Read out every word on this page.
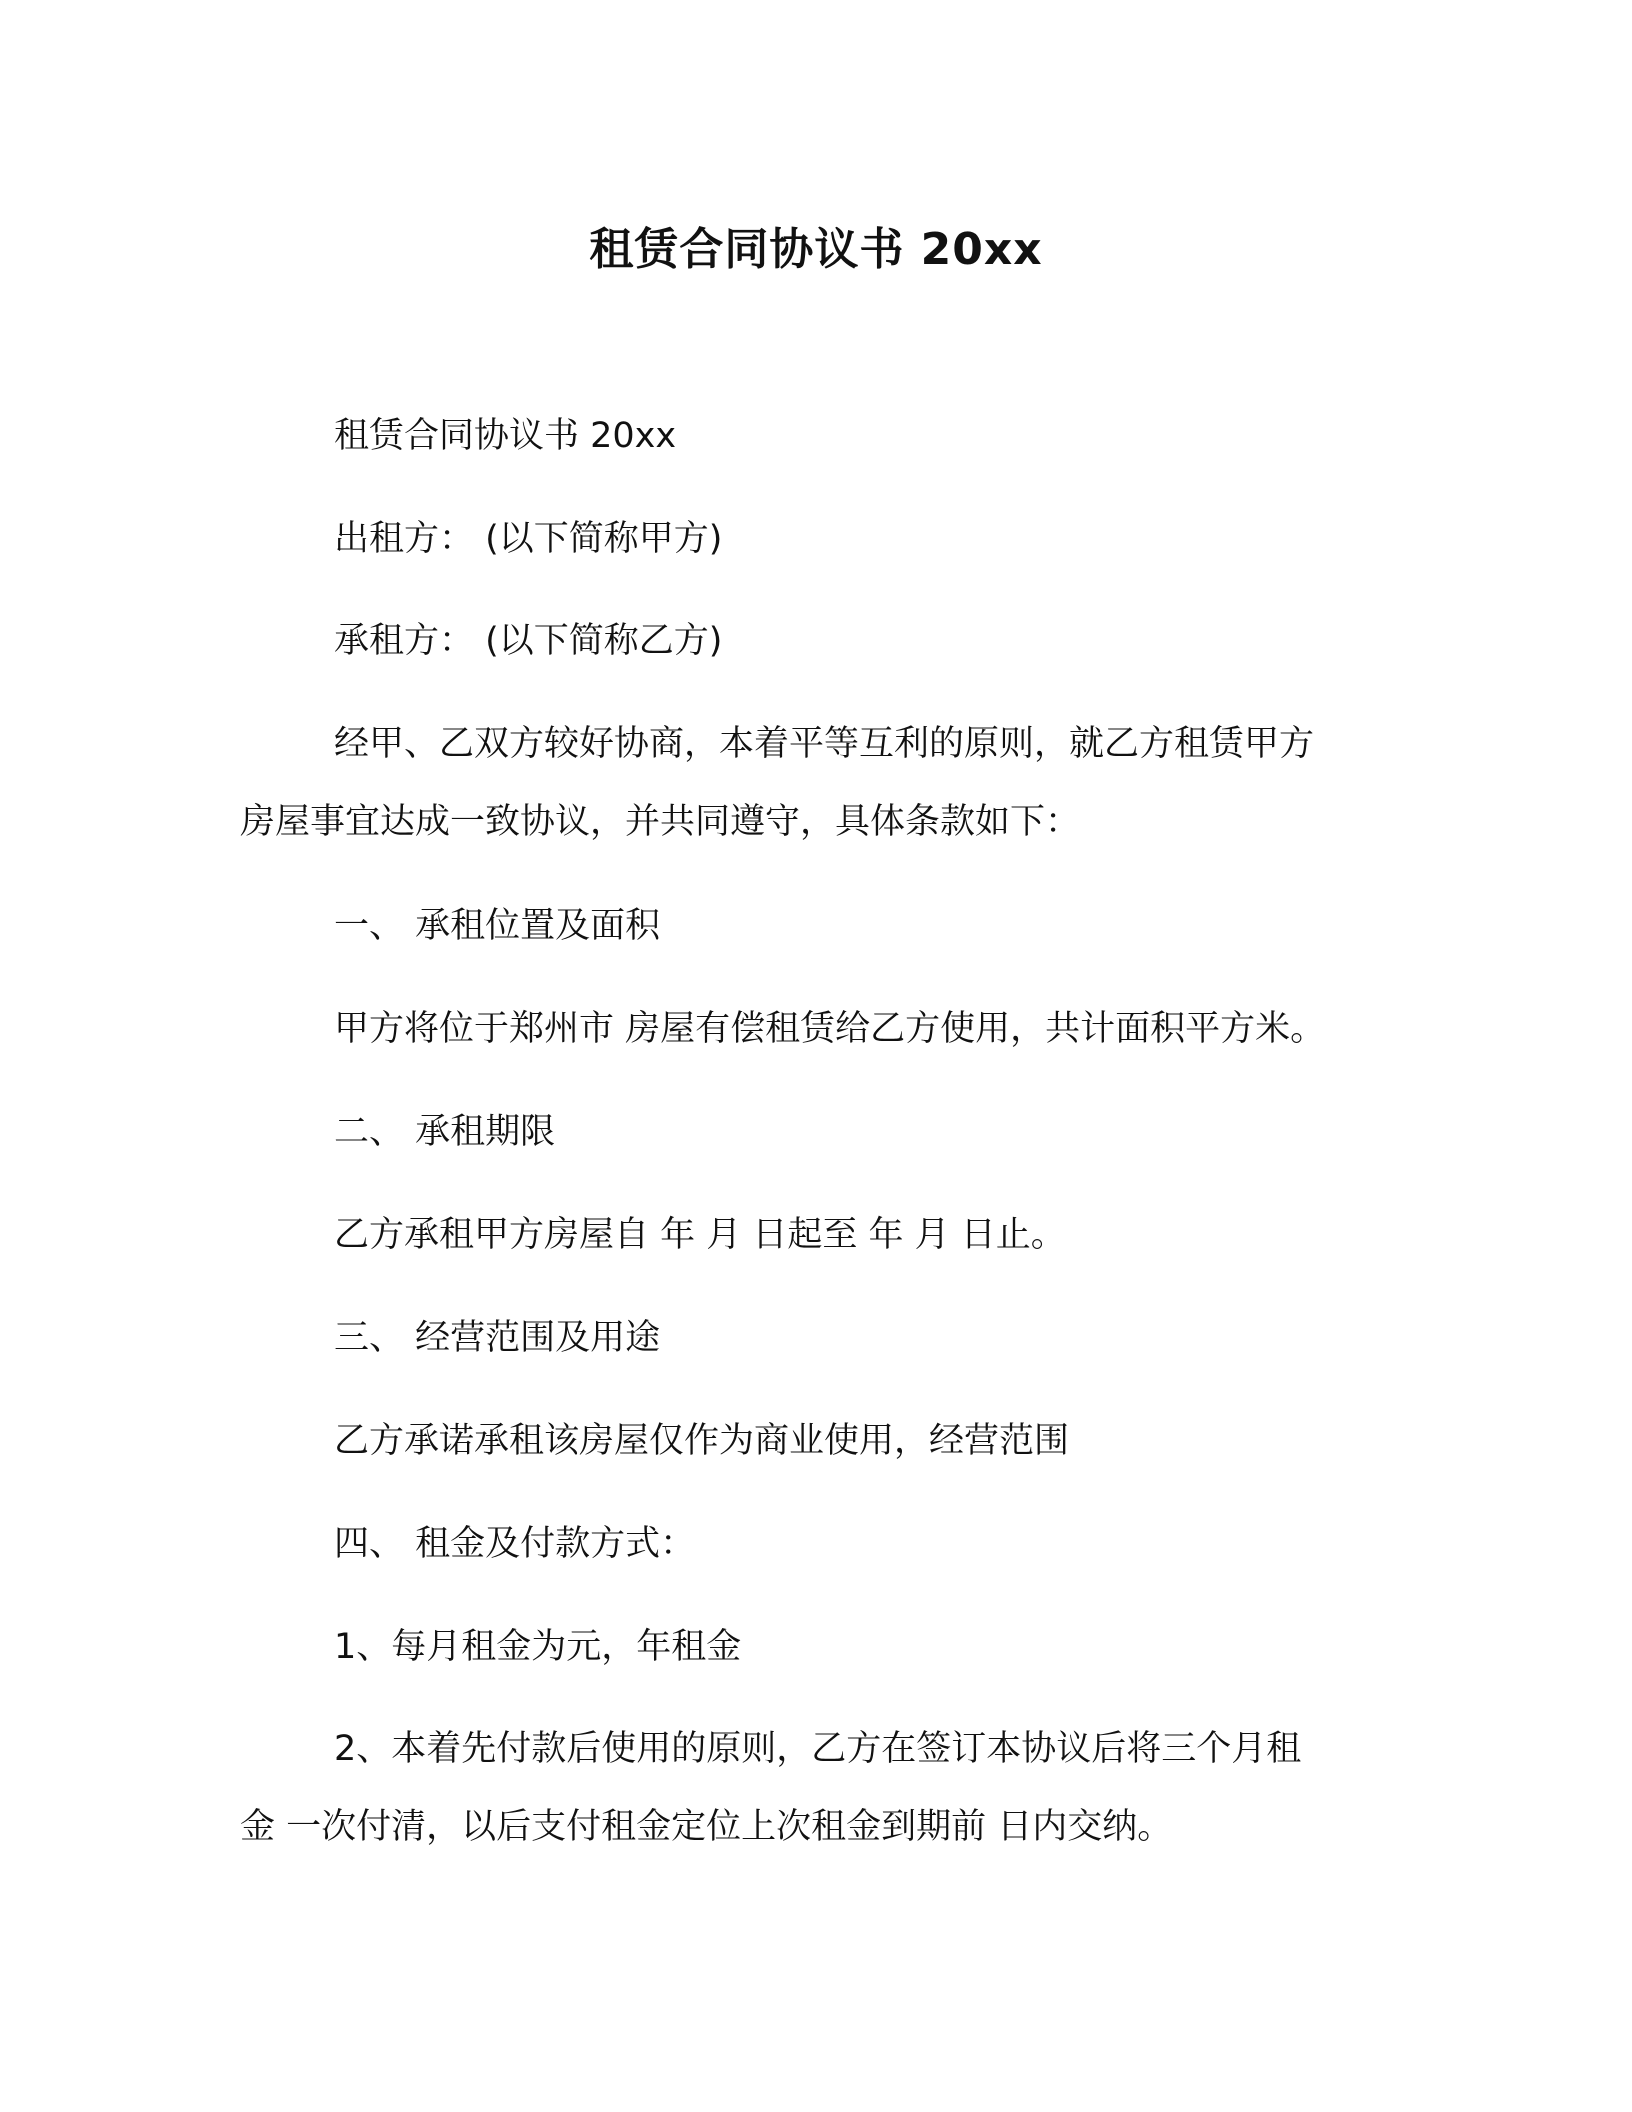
租赁合同协议书 20xx
租赁合同协议书 20xx
出租方： (以下简称甲方)
承租方： (以下简称乙方)
经甲、乙双方较好协商，本着平等互利的原则，就乙方租赁甲方
房屋事宜达成一致协议，并共同遵守，具体条款如下：
一、 承租位置及面积
甲方将位于郑州市 房屋有偿租赁给乙方使用，共计面积平方米。
二、 承租期限
乙方承租甲方房屋自 年 月 日起至 年 月 日止。
三、 经营范围及用途
乙方承诺承租该房屋仅作为商业使用，经营范围
四、 租金及付款方式：
1、每月租金为元，年租金
2、本着先付款后使用的原则，乙方在签订本协议后将三个月租
金 一次付清，以后支付租金定位上次租金到期前 日内交纳。
